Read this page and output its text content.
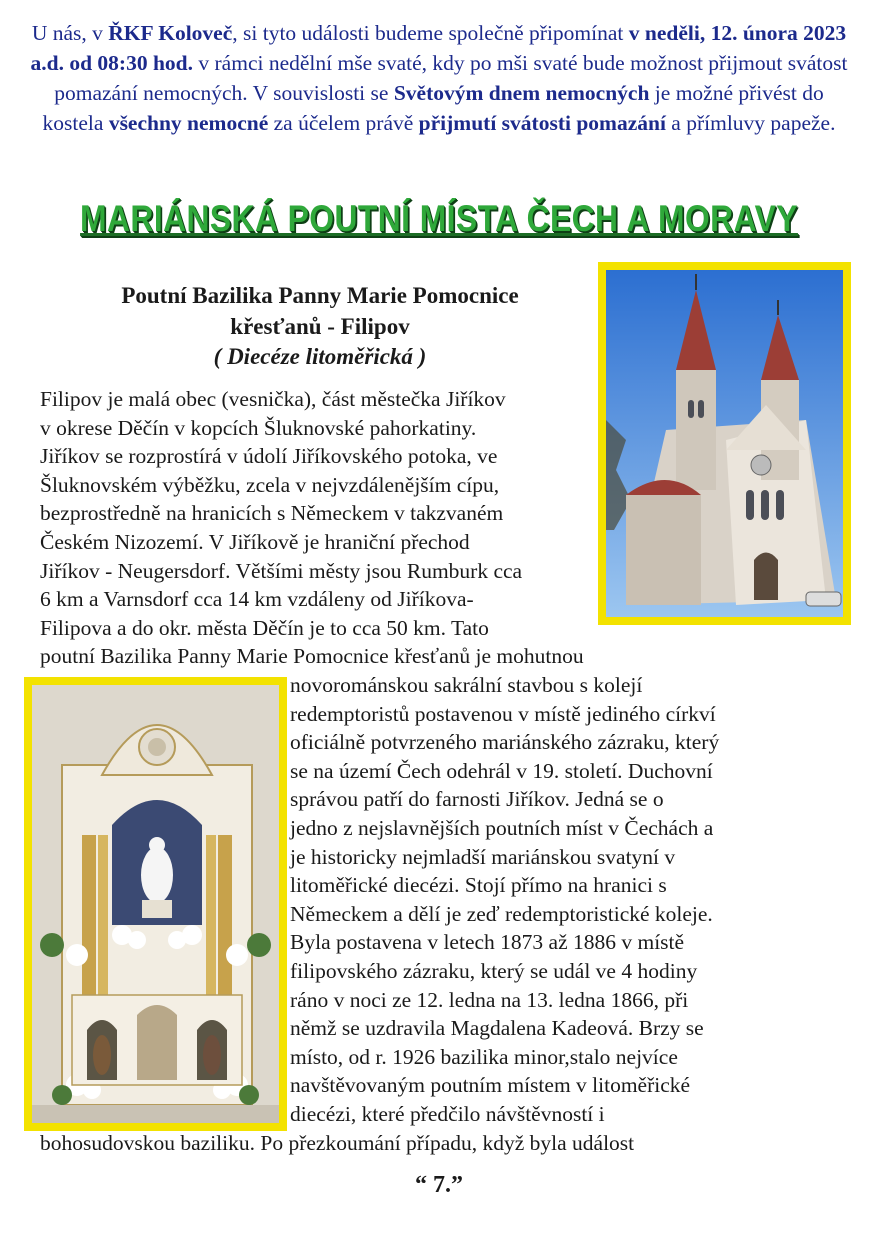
U nás, v ŘKF Koloveč, si tyto události budeme společně připomínat v neděli, 12. února 2023 a.d. od 08:30 hod. v rámci nedělní mše svaté, kdy po mši svaté bude možnost přijmout svátost pomazání nemocných. V souvislosti se Světovým dnem nemocných je možné přivést do kostela všechny nemocné za účelem právě přijmutí svátosti pomazání a přímluvy papeže.

MARIÁNSKÁ POUTNÍ MÍSTA ČECH A MORAVY

Poutní Bazilika Panny Marie Pomocnice
křesťanů - Filipov

( Diecéze litoměřická )

Filipov je malá obec (vesnička), část městečka Jiříkov

v okrese Děčín v kopcích Šluknovské pahorkatiny.

Jiříkov se rozprostírá v údolí Jiříkovského potoka, ve

Šluknovském výběžku, zcela v nejvzdálenějším cípu,

bezprostředně na hranicích s Německem v takzvaném

Českém Nizozemí. V Jiříkově je hraniční přechod

Jiříkov - Neugersdorf. Většími městy jsou Rumburk cca

6 km a Varnsdorf cca 14 km vzdáleny od Jiříkova-

Filipova a do okr. města Děčín je to cca 50 km. Tato

poutní Bazilika Panny Marie Pomocnice křesťanů je mohutnou

novorománskou sakrální stavbou s kolejí

redemptoristů postavenou v místě jediného církví

oficiálně potvrzeného mariánského zázraku, který

se na území Čech odehrál v 19. století. Duchovní

správou patří do farnosti Jiříkov. Jedná se o

jedno z nejslavnějších poutních míst v Čechách a

je historicky nejmladší mariánskou svatyní v

litoměřické diecézi. Stojí přímo na hranici s

Německem a dělí je zeď redemptoristické koleje.

Byla postavena v letech 1873 až 1886 v místě

filipovského zázraku, který se udál ve 4 hodiny

ráno v noci ze 12. ledna na 13. ledna 1866, při

němž se uzdravila Magdalena Kadeová. Brzy se

místo, od r. 1926 bazilika minor,stalo nejvíce

navštěvovaným poutním místem v litoměřické

diecézi, které předčilo návštěvností i

bohosudovskou baziliku. Po přezkoumání případu, když byla událost

“ 7.”
